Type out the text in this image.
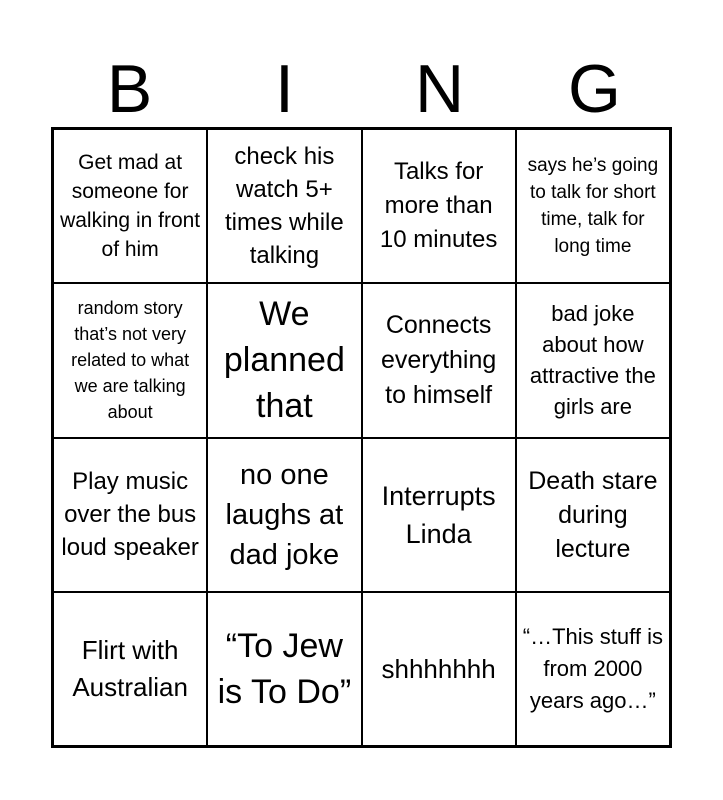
B	I	N	G
Get mad at someone for walking in front of him
check his watch 5+ times while talking
Talks for more than 10 minutes
says he’s going to talk for short time, talk for long time
random story that’s not very related to what we are talking about
We planned that
Connects everything to himself
bad joke about how attractive the girls are
Play music over the bus loud speaker
no one laughs at dad joke
Interrupts Linda
Death stare during lecture
Flirt with Australian
“To Jew is To Do”
shhhhhhh
“…This stuff is from 2000 years ago…”
